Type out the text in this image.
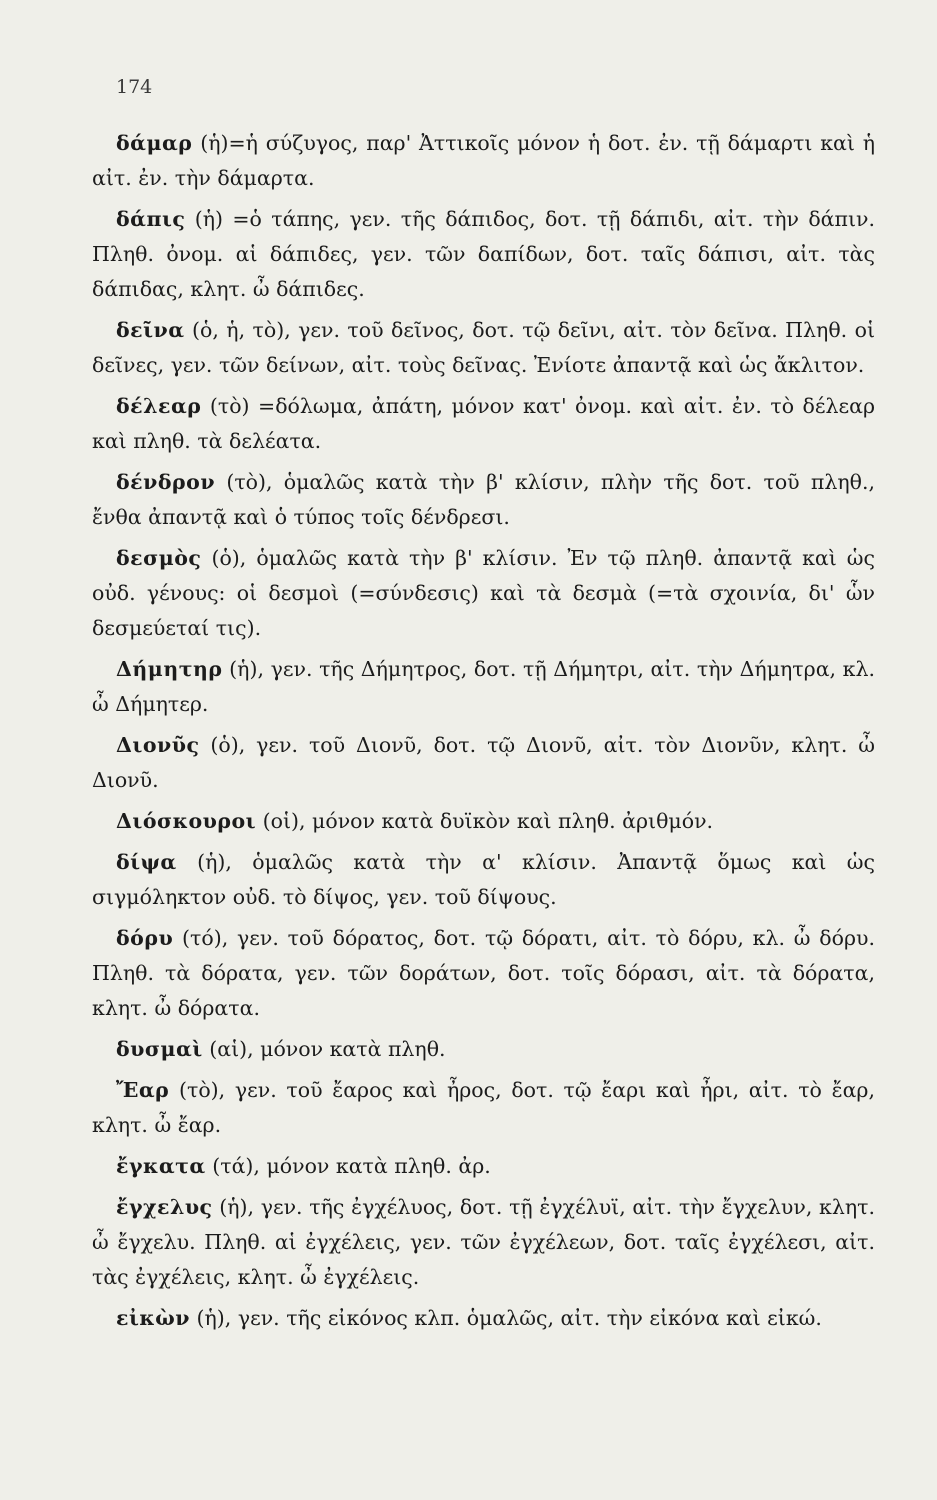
174

δάμαρ (ἡ)=ἡ σύζυγος, παρ' Ἀττικοῖς μόνον ἡ δοτ. ἐν. τῇ δάμαρτι καὶ ἡ αἰτ. ἐν. τὴν δάμαρτα.

δάπις (ἡ) =ὁ τάπης, γεν. τῆς δάπιδος, δοτ. τῇ δάπιδι, αἰτ. τὴν δάπιν. Πληθ. ὀνομ. αἱ δάπιδες, γεν. τῶν δαπίδων, δοτ. ταῖς δάπισι, αἰτ. τὰς δάπιδας, κλητ. ὦ δάπιδες.

δεῖνα (ὁ, ἡ, τὸ), γεν. τοῦ δεῖνος, δοτ. τῷ δεῖνι, αἰτ. τὸν δεῖνα. Πληθ. οἱ δεῖνες, γεν. τῶν δείνων, αἰτ. τοὺς δεῖνας. Ἐνίοτε ἀπαντᾷ καὶ ὡς ἄκλιτον.

δέλεαρ (τὸ) =δόλωμα, ἀπάτη, μόνον κατ' ὀνομ. καὶ αἰτ. ἐν. τὸ δέλεαρ καὶ πληθ. τὰ δελέατα.

δένδρον (τὸ), ὁμαλῶς κατὰ τὴν β' κλίσιν, πλὴν τῆς δοτ. τοῦ πληθ., ἔνθα ἀπαντᾷ καὶ ὁ τύπος τοῖς δένδρεσι.

δεσμὸς (ὁ), ὁμαλῶς κατὰ τὴν β' κλίσιν. Ἐν τῷ πληθ. ἀπαντᾷ καὶ ὡς οὐδ. γένους: οἱ δεσμοὶ (=σύνδεσις) καὶ τὰ δεσμὰ (=τὰ σχοινία, δι' ὧν δεσμεύεταί τις).

Δήμητηρ (ἡ), γεν. τῆς Δήμητρος, δοτ. τῇ Δήμητρι, αἰτ. τὴν Δήμητρα, κλ. ὦ Δήμητερ.

Διονῦς (ὁ), γεν. τοῦ Διονῦ, δοτ. τῷ Διονῦ, αἰτ. τὸν Διονῦν, κλητ. ὦ Διονῦ.

Διόσκουροι (οἱ), μόνον κατὰ δυϊκὸν καὶ πληθ. ἀριθμόν.

δίψα (ἡ), ὁμαλῶς κατὰ τὴν α' κλίσιν. Ἀπαντᾷ ὅμως καὶ ὡς σιγμόληκτον οὐδ. τὸ δίψος, γεν. τοῦ δίψους.

δόρυ (τό), γεν. τοῦ δόρατος, δοτ. τῷ δόρατι, αἰτ. τὸ δόρυ, κλ. ὦ δόρυ. Πληθ. τὰ δόρατα, γεν. τῶν δοράτων, δοτ. τοῖς δόρασι, αἰτ. τὰ δόρατα, κλητ. ὦ δόρατα.

δυσμαὶ (αἱ), μόνον κατὰ πληθ.

Ἔαρ (τὸ), γεν. τοῦ ἔαρος καὶ ἦρος, δοτ. τῷ ἔαρι καὶ ἦρι, αἰτ. τὸ ἔαρ, κλητ. ὦ ἔαρ.

ἔγκατα (τά), μόνον κατὰ πληθ. ἀρ.

ἔγχελυς (ἡ), γεν. τῆς ἐγχέλυος, δοτ. τῇ ἐγχέλυϊ, αἰτ. τὴν ἔγχελυν, κλητ. ὦ ἔγχελυ. Πληθ. αἱ ἐγχέλεις, γεν. τῶν ἐγχέλεων, δοτ. ταῖς ἐγχέλεσι, αἰτ. τὰς ἐγχέλεις, κλητ. ὦ ἐγχέλεις.

εἰκὼν (ἡ), γεν. τῆς εἰκόνος κλπ. ὁμαλῶς, αἰτ. τὴν εἰκόνα καὶ εἰκώ.
